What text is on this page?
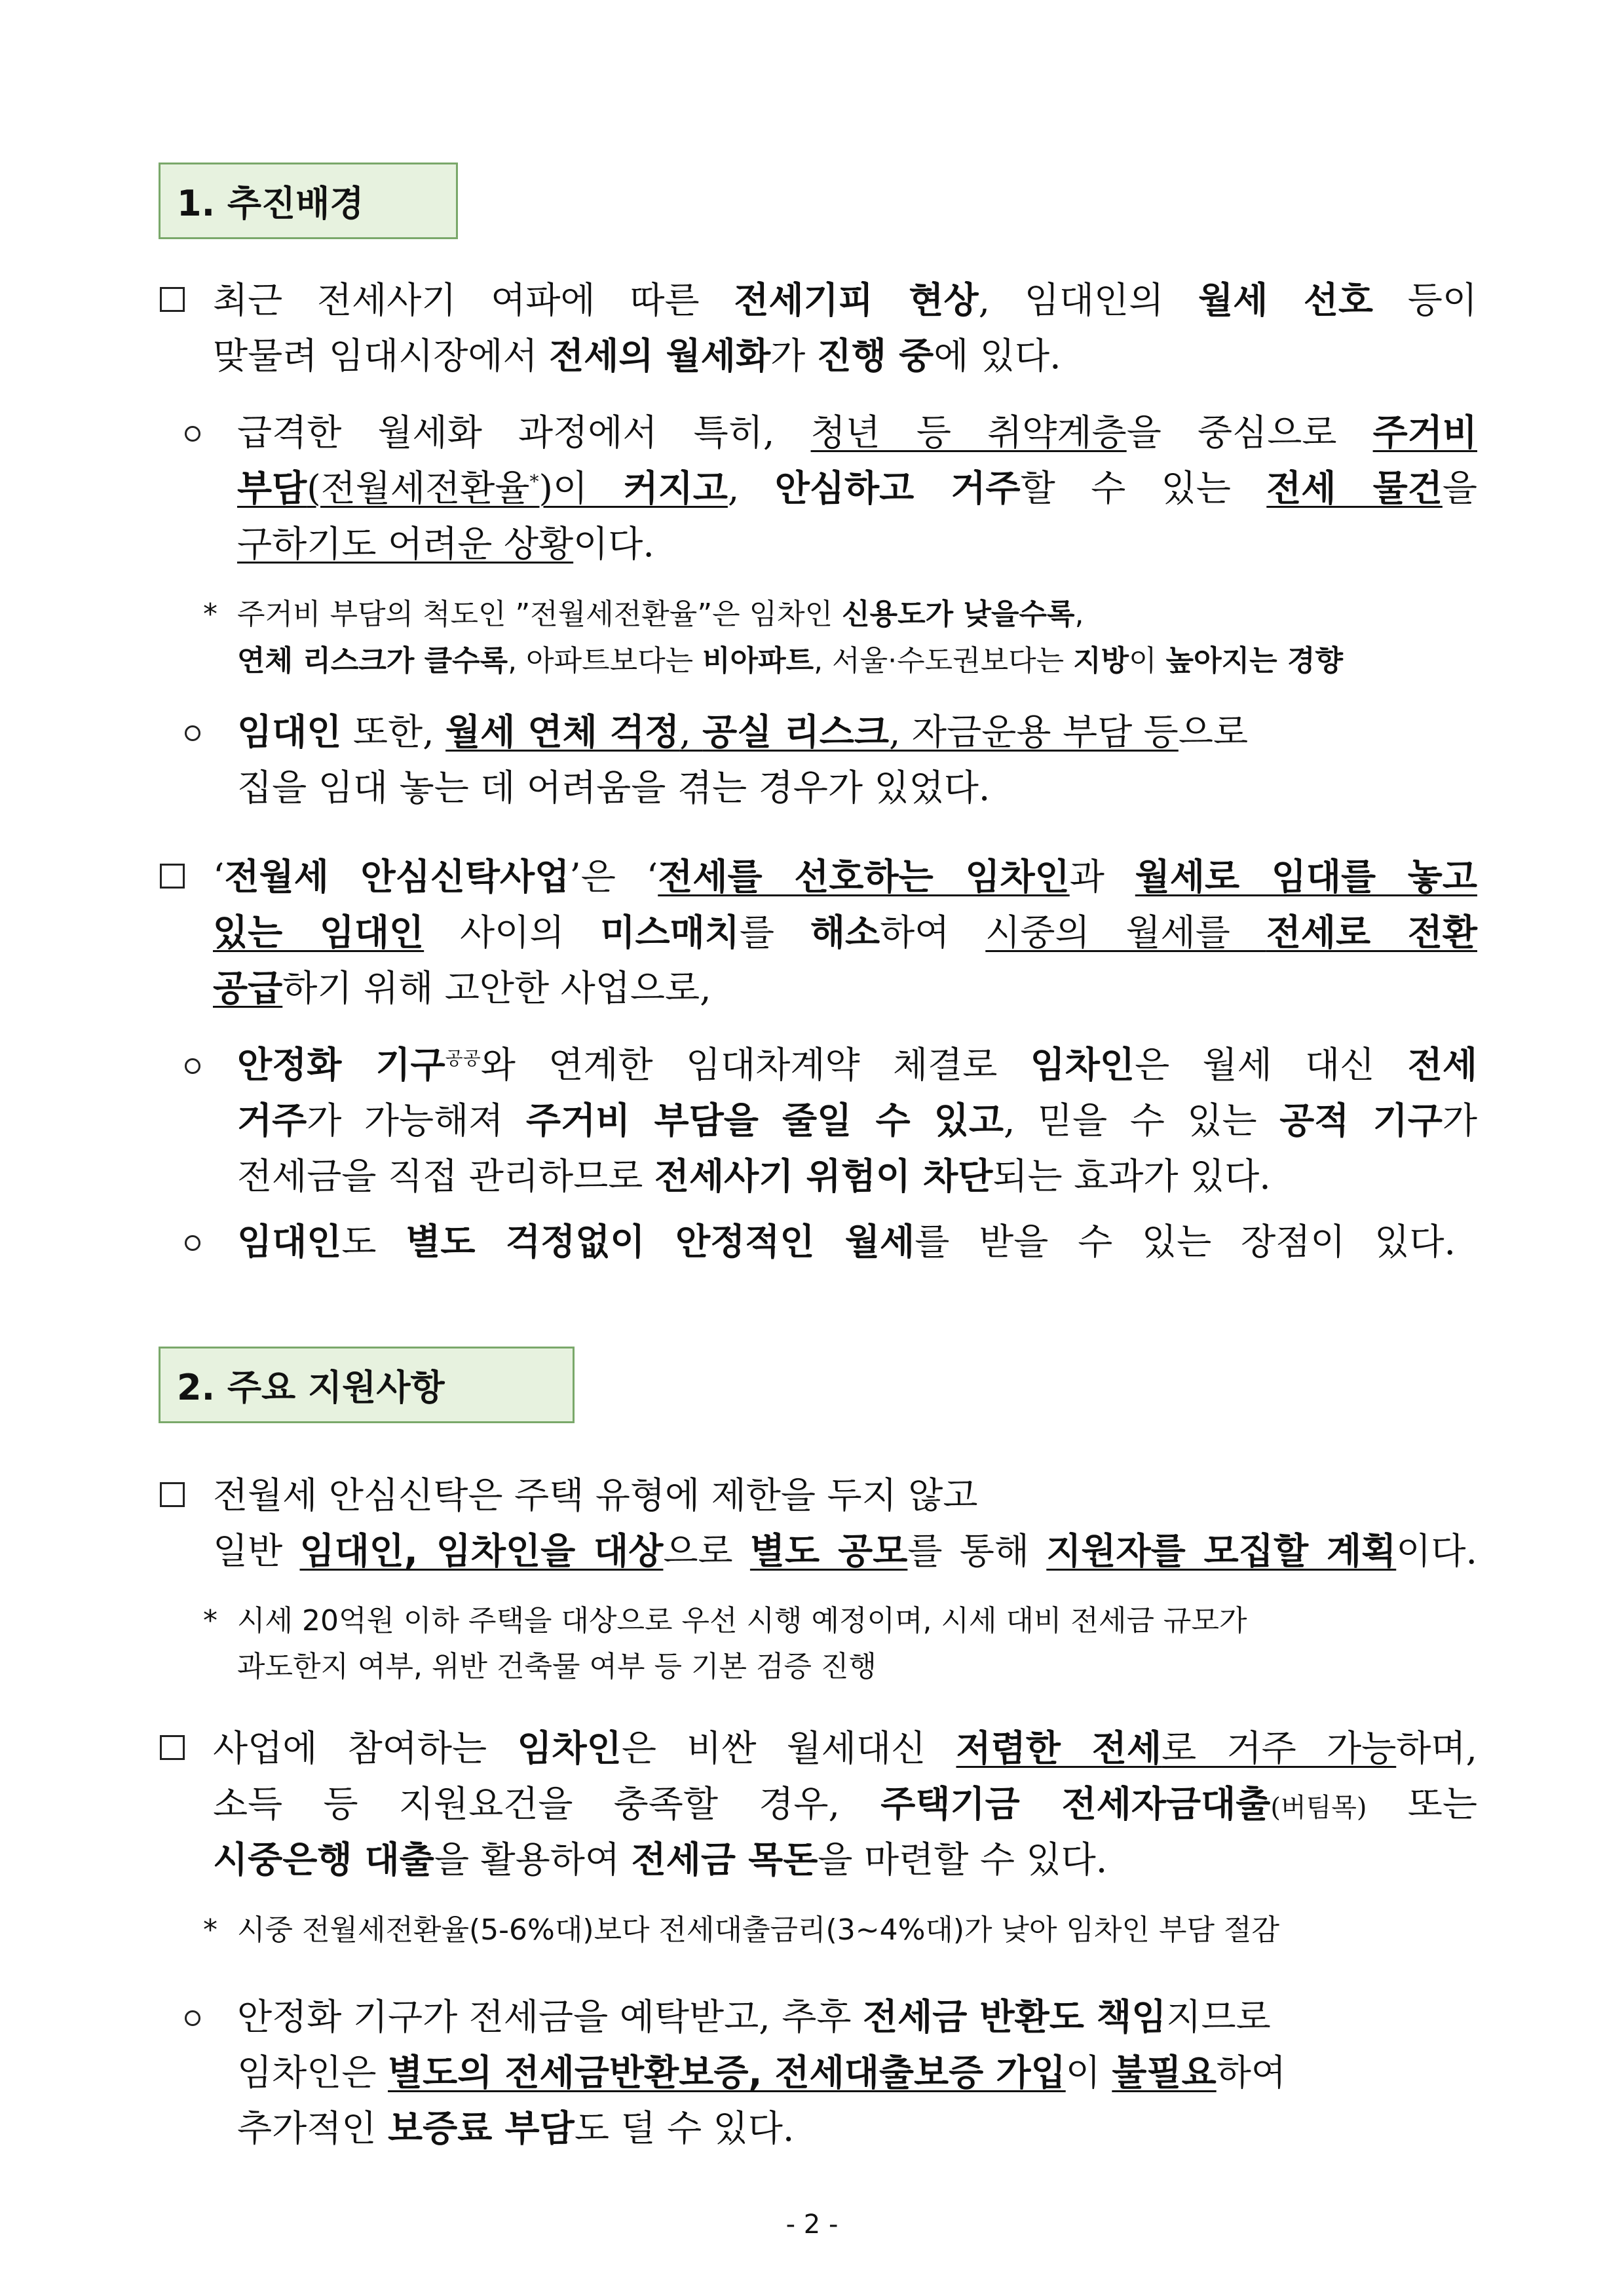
1. 추진배경
최근 전세사기 여파에 따른 전세기피 현상, 임대인의 월세 선호 등이
맞물려 임대시장에서 전세의 월세화가 진행 중에 있다.
급격한 월세화 과정에서 특히, 청년 등 취약계층을 중심으로 주거비
부담(전월세전환율*)이 커지고, 안심하고 거주할 수 있는 전세 물건을
구하기도 어려운 상황이다.
* 주거비 부담의 척도인 ”전월세전환율”은 임차인 신용도가 낮을수록,
연체 리스크가 클수록, 아파트보다는 비아파트, 서울·수도권보다는 지방이 높아지는 경향
임대인 또한, 월세 연체 걱정, 공실 리스크, 자금운용 부담 등으로
집을 임대 놓는 데 어려움을 겪는 경우가 있었다.
‘전월세 안심신탁사업’은 ‘전세를 선호하는 임차인과 월세로 임대를 놓고
있는 임대인 사이의 미스매치를 해소하여 시중의 월세를 전세로 전환
공급하기 위해 고안한 사업으로,
안정화 기구$^{공공}$와 연계한 임대차계약 체결로 임차인은 월세 대신 전세
거주가 가능해져 주거비 부담을 줄일 수 있고, 믿을 수 있는 공적 기구가
전세금을 직접 관리하므로 전세사기 위험이 차단되는 효과가 있다.
임대인도 별도 걱정없이 안정적인 월세를 받을 수 있는 장점이 있다.
2. 주요 지원사항
전월세 안심신탁은 주택 유형에 제한을 두지 않고
일반 임대인, 임차인을 대상으로 별도 공모를 통해 지원자를 모집할 계획이다.
* 시세 20억원 이하 주택을 대상으로 우선 시행 예정이며, 시세 대비 전세금 규모가
과도한지 여부, 위반 건축물 여부 등 기본 검증 진행
사업에 참여하는 임차인은 비싼 월세대신 저렴한 전세로 거주 가능하며,
소득 등 지원요건을 충족할 경우, 주택기금 전세자금대출(버팀목) 또는
시중은행 대출을 활용하여 전세금 목돈을 마련할 수 있다.
* 시중 전월세전환율(5-6%대)보다 전세대출금리(3~4%대)가 낮아 임차인 부담 절감
안정화 기구가 전세금을 예탁받고, 추후 전세금 반환도 책임지므로
임차인은 별도의 전세금반환보증, 전세대출보증 가입이 불필요하여
추가적인 보증료 부담도 덜 수 있다.
- 2 -
